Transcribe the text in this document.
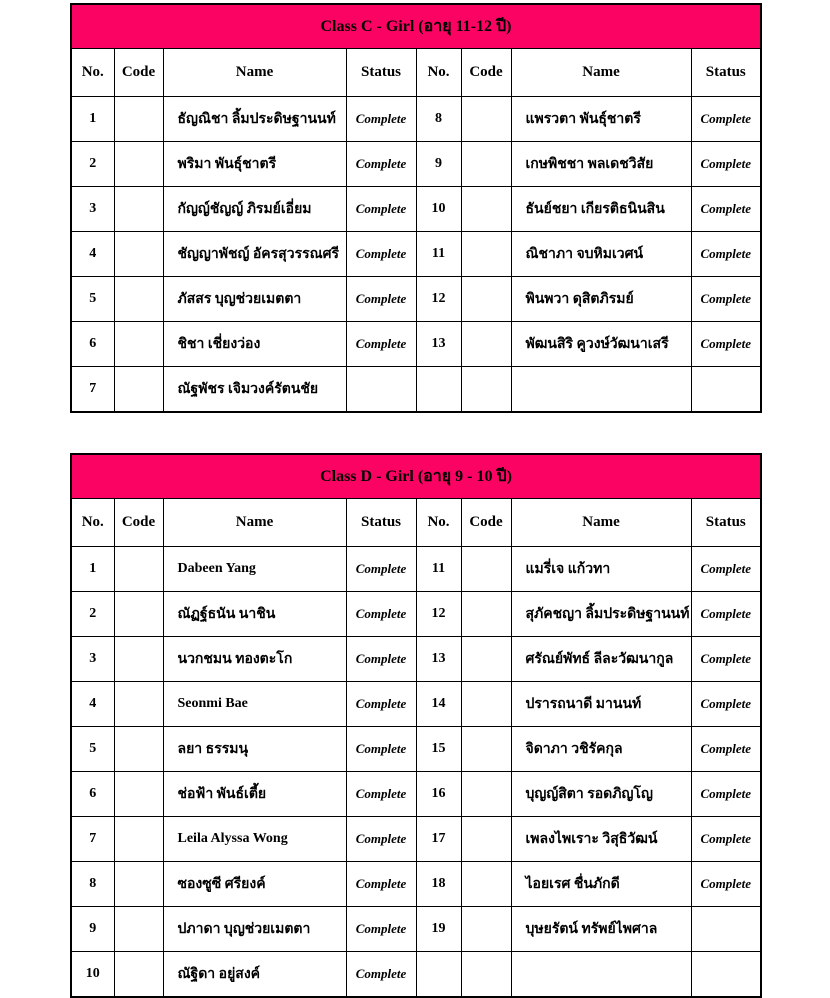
Class C - Girl (อายุ 11-12 ปี)							
No.	Code	Name	Status	No.	Code	Name	Status
1		ธัญณิชา ลิ้มประดิษฐานนท์	Complete	8		แพรวตา พันธุ์ชาตรี	Complete
2		พริมา พันธุ์ชาตรี	Complete	9		เกษพิชชา พลเดชวิสัย	Complete
3		กัญญ์ชัญญ์ ภิรมย์เอี่ยม	Complete	10		ธันย์ชยา เกียรติธนินสิน	Complete
4		ชัญญาพัชญ์ อัครสุวรรณศรี	Complete	11		ณิชาภา จบหิมเวศน์	Complete
5		ภัสสร บุญช่วยเมตตา	Complete	12		พินพวา ดุสิตภิรมย์	Complete
6		ชิชา เชี่ยงว่อง	Complete	13		พัฒนสิริ คูวงษ์วัฒนาเสรี	Complete
7		ณัฐพัชร เจิมวงค์รัตนชัย					
Class D - Girl (อายุ 9 - 10 ปี)							
No.	Code	Name	Status	No.	Code	Name	Status
1		Dabeen Yang	Complete	11		แมรี่เจ แก้วทา	Complete
2		ณัฏฐ์ธนัน นาชิน	Complete	12		สุภัคชญา ลิ้มประดิษฐานนท์	Complete
3		นวกชมน ทองตะโก	Complete	13		ศรัณย์พัทธ์ ลีละวัฒนากูล	Complete
4		Seonmi Bae	Complete	14		ปรารถนาดี มานนท์	Complete
5		ลยา ธรรมนุ	Complete	15		จิดาภา วชิรัคกุล	Complete
6		ช่อฟ้า พันธ์เตี้ย	Complete	16		บุญญ์สิตา รอดภิญโญ	Complete
7		Leila Alyssa Wong	Complete	17		เพลงไพเราะ วิสุธิวัฒน์	Complete
8		ซองซูซี ศรียงค์	Complete	18		ไอยเรศ ชื่นภักดี	Complete
9		ปภาดา บุญช่วยเมตตา	Complete	19		บุษยรัตน์ ทรัพย์ไพศาล	
10		ณัฐิดา อยู่สงค์	Complete				
